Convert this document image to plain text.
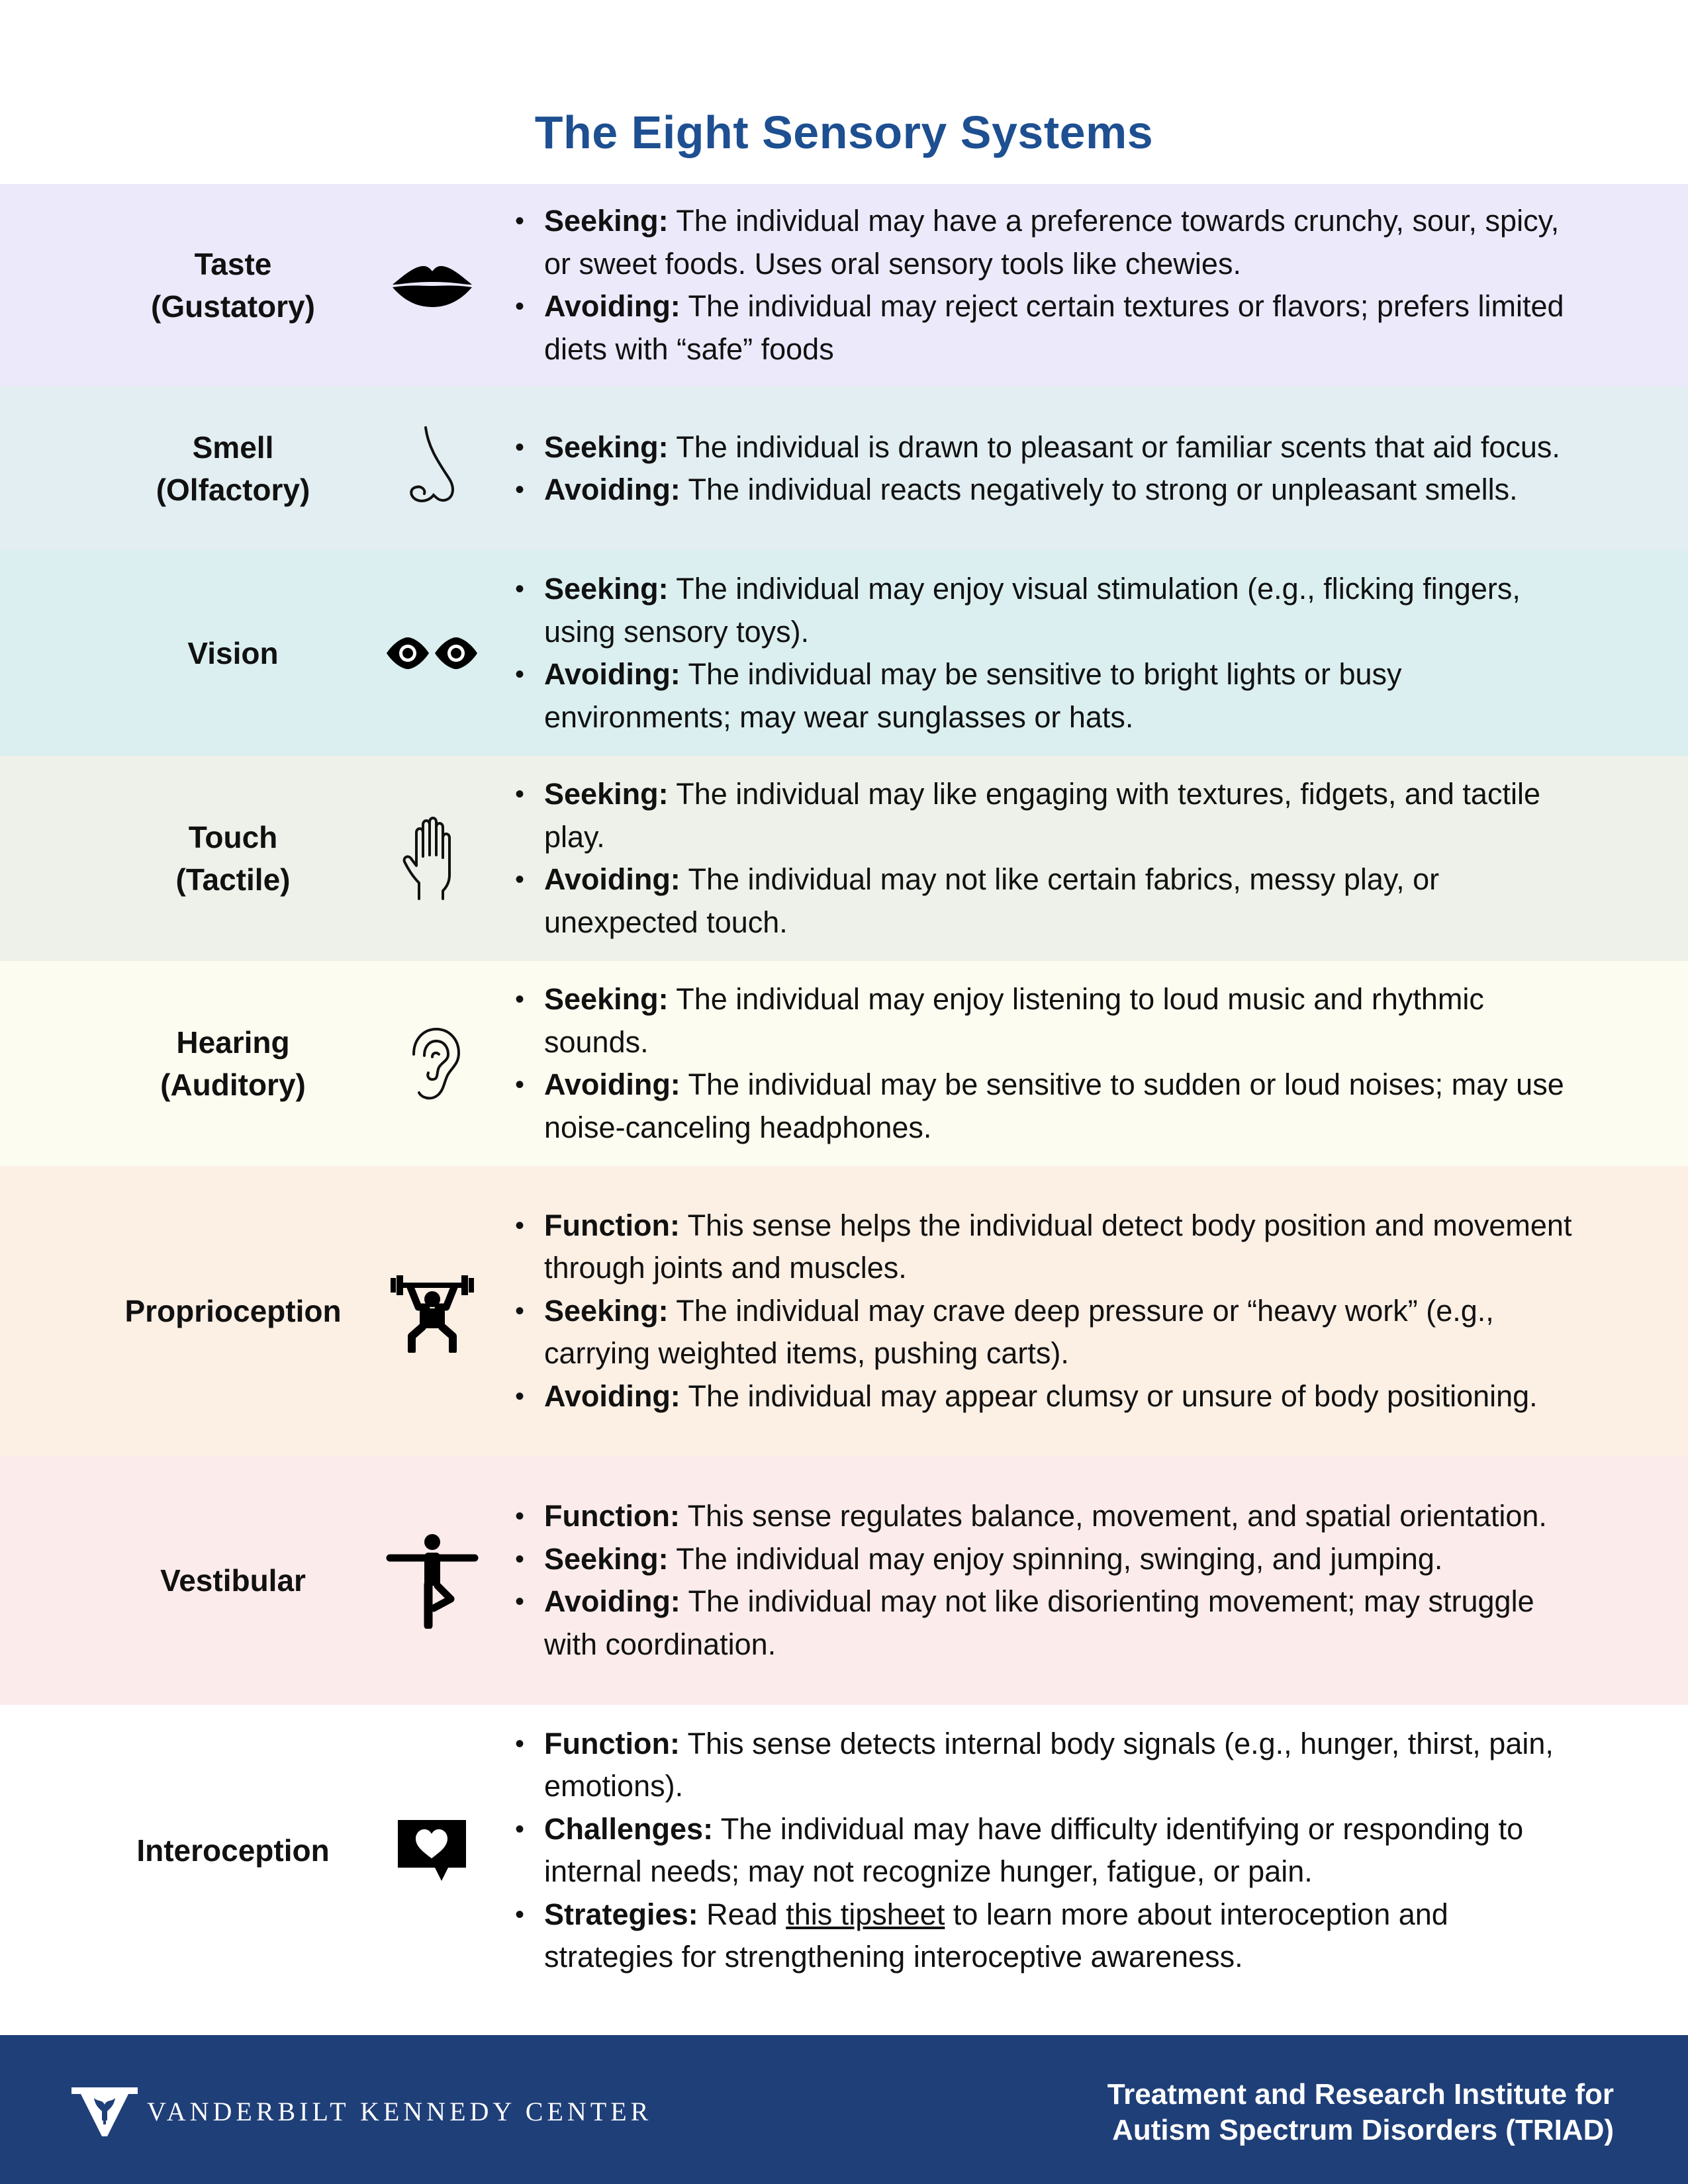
The Eight Sensory Systems
Taste
(Gustatory)
• Seeking: The individual may have a preference towards crunchy, sour, spicy, or sweet foods. Uses oral sensory tools like chewies.
• Avoiding: The individual may reject certain textures or flavors; prefers limited diets with “safe” foods
Smell
(Olfactory)
• Seeking: The individual is drawn to pleasant or familiar scents that aid focus.
• Avoiding: The individual reacts negatively to strong or unpleasant smells.
Vision
• Seeking: The individual may enjoy visual stimulation (e.g., flicking fingers, using sensory toys).
• Avoiding: The individual may be sensitive to bright lights or busy environments; may wear sunglasses or hats.
Touch
(Tactile)
• Seeking: The individual may like engaging with textures, fidgets, and tactile play.
• Avoiding: The individual may not like certain fabrics, messy play, or unexpected touch.
Hearing
(Auditory)
• Seeking: The individual may enjoy listening to loud music and rhythmic sounds.
• Avoiding: The individual may be sensitive to sudden or loud noises; may use noise-canceling headphones.
Proprioception
• Function: This sense helps the individual detect body position and movement through joints and muscles.
• Seeking: The individual may crave deep pressure or “heavy work” (e.g., carrying weighted items, pushing carts).
• Avoiding: The individual may appear clumsy or unsure of body positioning.
Vestibular
• Function: This sense regulates balance, movement, and spatial orientation.
• Seeking: The individual may enjoy spinning, swinging, and jumping.
• Avoiding: The individual may not like disorienting movement; may struggle with coordination.
Interoception
• Function: This sense detects internal body signals (e.g., hunger, thirst, pain, emotions).
• Challenges: The individual may have difficulty identifying or responding to internal needs; may not recognize hunger, fatigue, or pain.
• Strategies: Read this tipsheet to learn more about interoception and strategies for strengthening interoceptive awareness.
VANDERBILT KENNEDY CENTER
Treatment and Research Institute for
Autism Spectrum Disorders (TRIAD)
